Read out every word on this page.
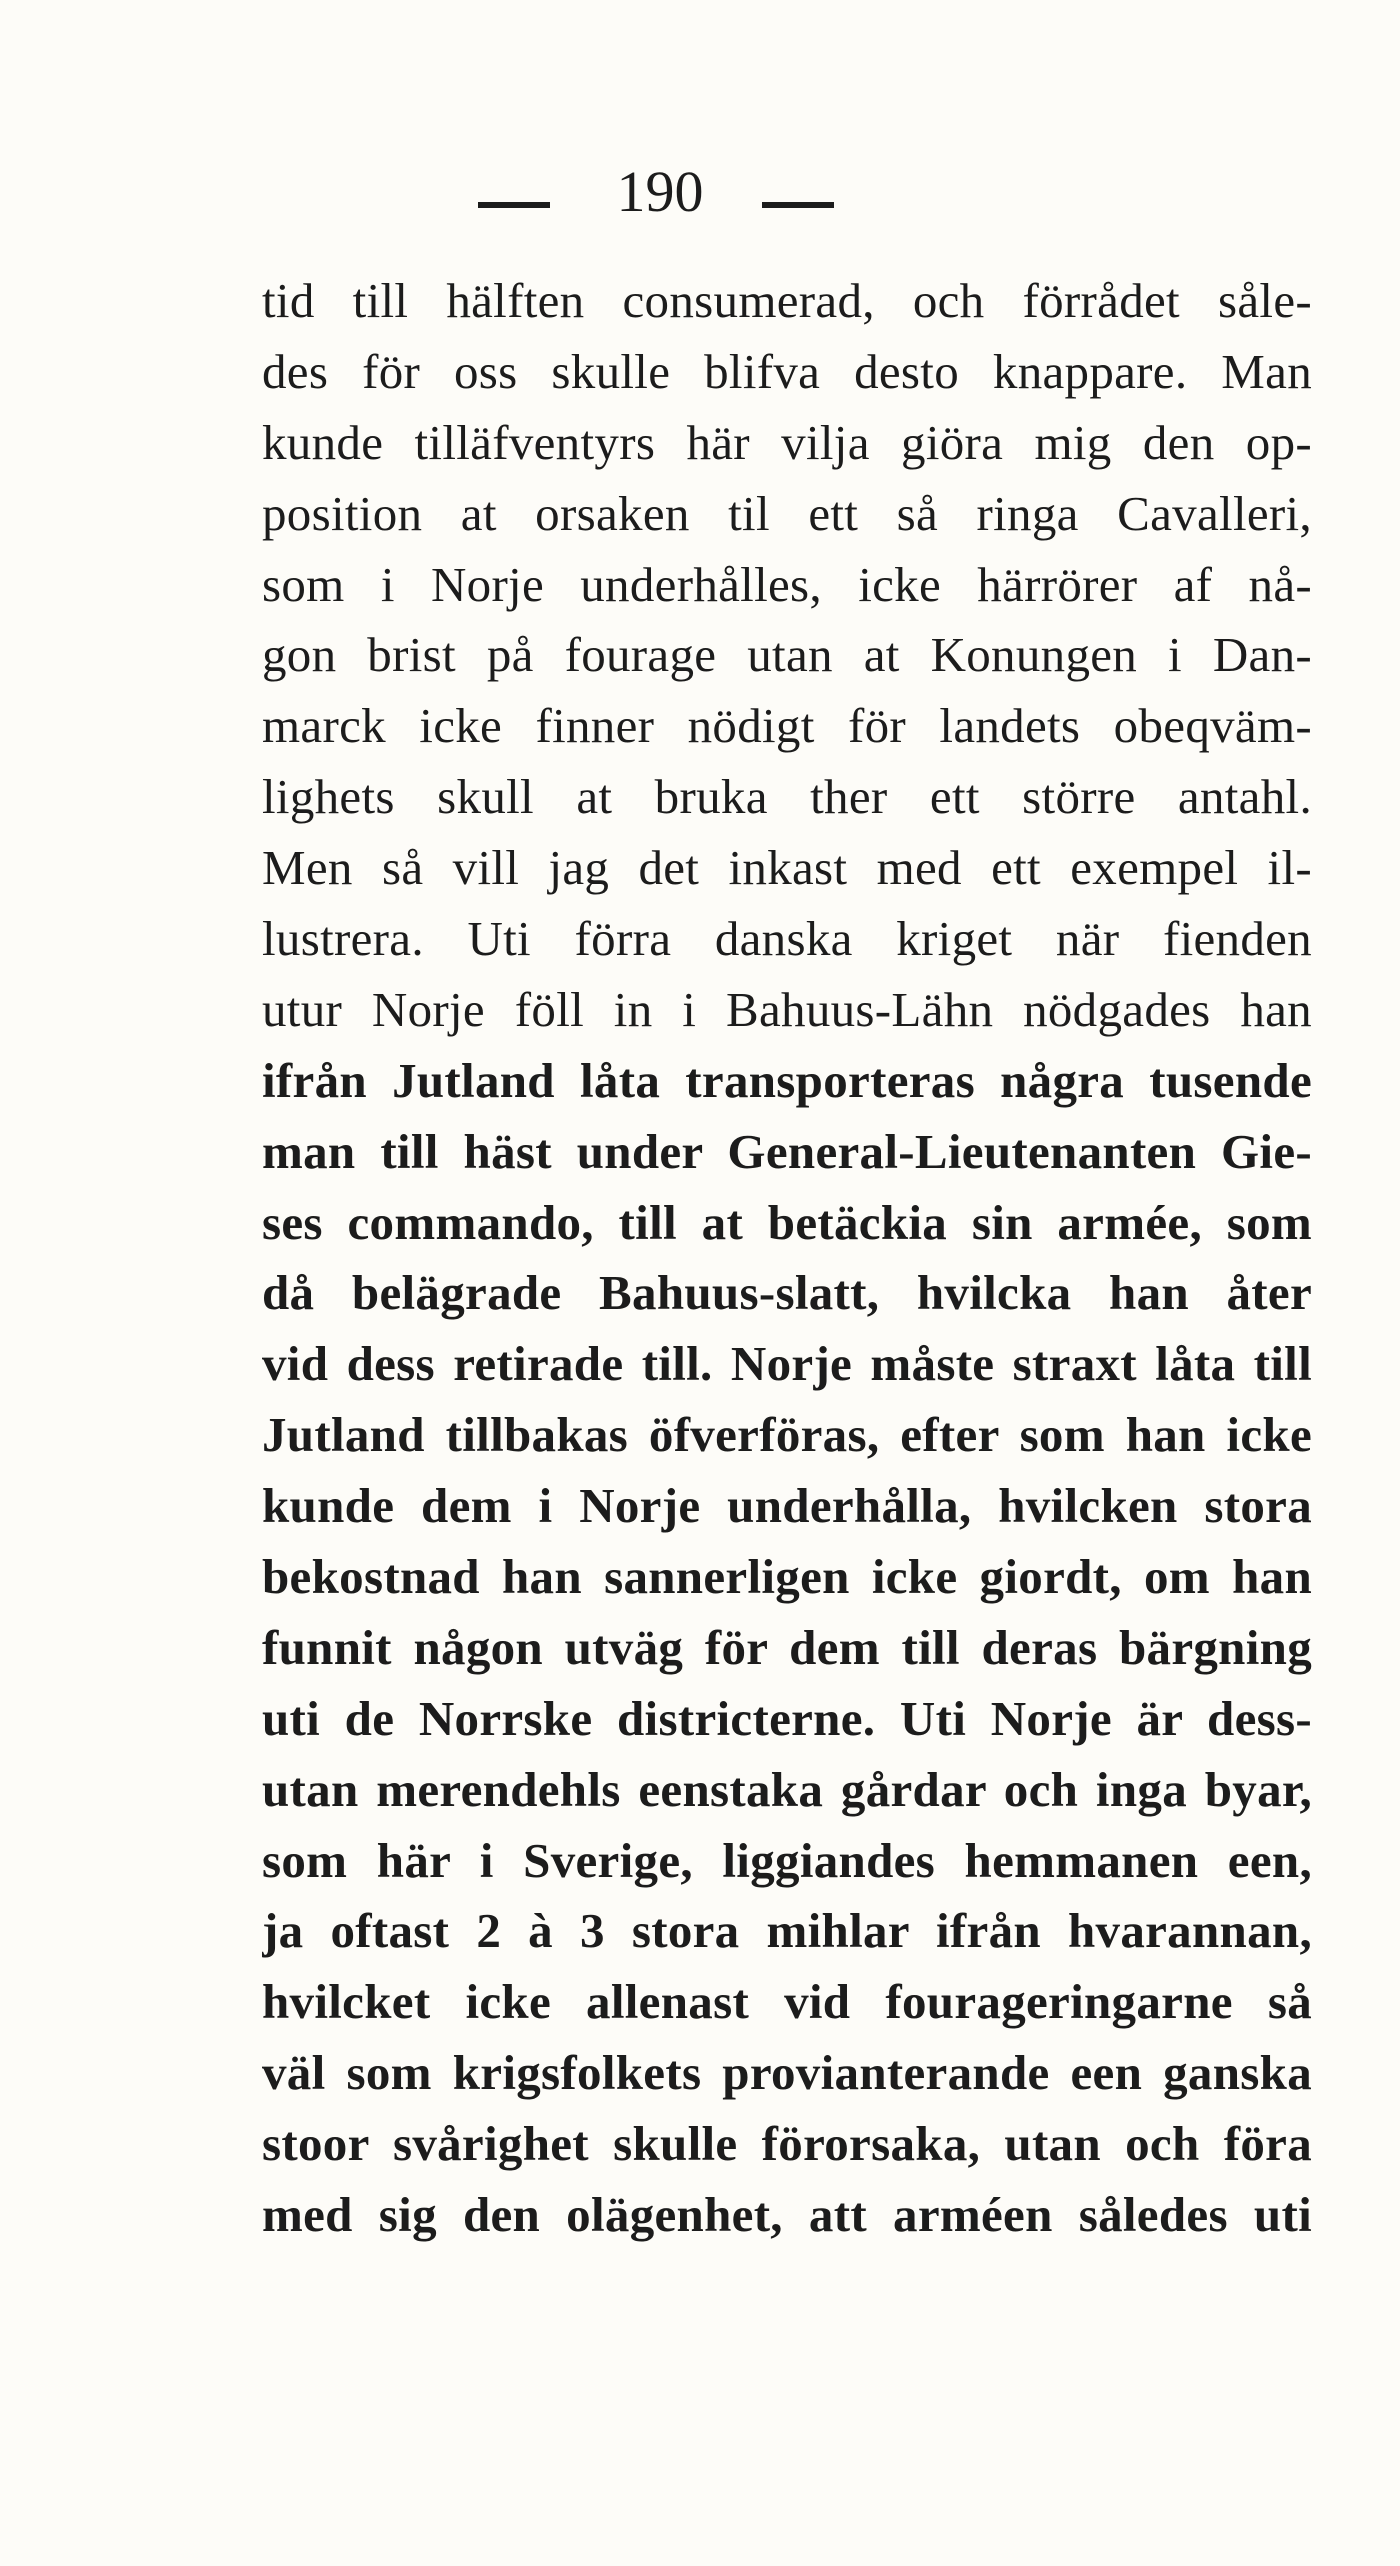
190
tid till hälften consumerad, och förrådet såle-
des för oss skulle blifva desto knappare. Man
kunde tilläfventyrs här vilja giöra mig den op-
position at orsaken til ett så ringa Cavalleri,
som i Norje underhålles, icke härrörer af nå-
gon brist på fourage utan at Konungen i Dan-
marck icke finner nödigt för landets obeqväm-
lighets skull at bruka ther ett större antahl.
Men så vill jag det inkast med ett exempel il-
lustrera. Uti förra danska kriget när fienden
utur Norje föll in i Bahuus-Lähn nödgades han
ifrån Jutland låta transporteras några tusende
man till häst under General-Lieutenanten Gie-
ses commando, till at betäckia sin armée, som
då belägrade Bahuus-slatt, hvilcka han åter
vid dess retirade till. Norje måste straxt låta till
Jutland tillbakas öfverföras, efter som han icke
kunde dem i Norje underhålla, hvilcken stora
bekostnad han sannerligen icke giordt, om han
funnit någon utväg för dem till deras bärgning
uti de Norrske districterne. Uti Norje är dess-
utan merendehls eenstaka gårdar och inga byar,
som här i Sverige, liggiandes hemmanen een,
ja oftast 2 à 3 stora mihlar ifrån hvarannan,
hvilcket icke allenast vid fourageringarne så
väl som krigsfolkets provianterande een ganska
stoor svårighet skulle förorsaka, utan och föra
med sig den olägenhet, att arméen således uti
